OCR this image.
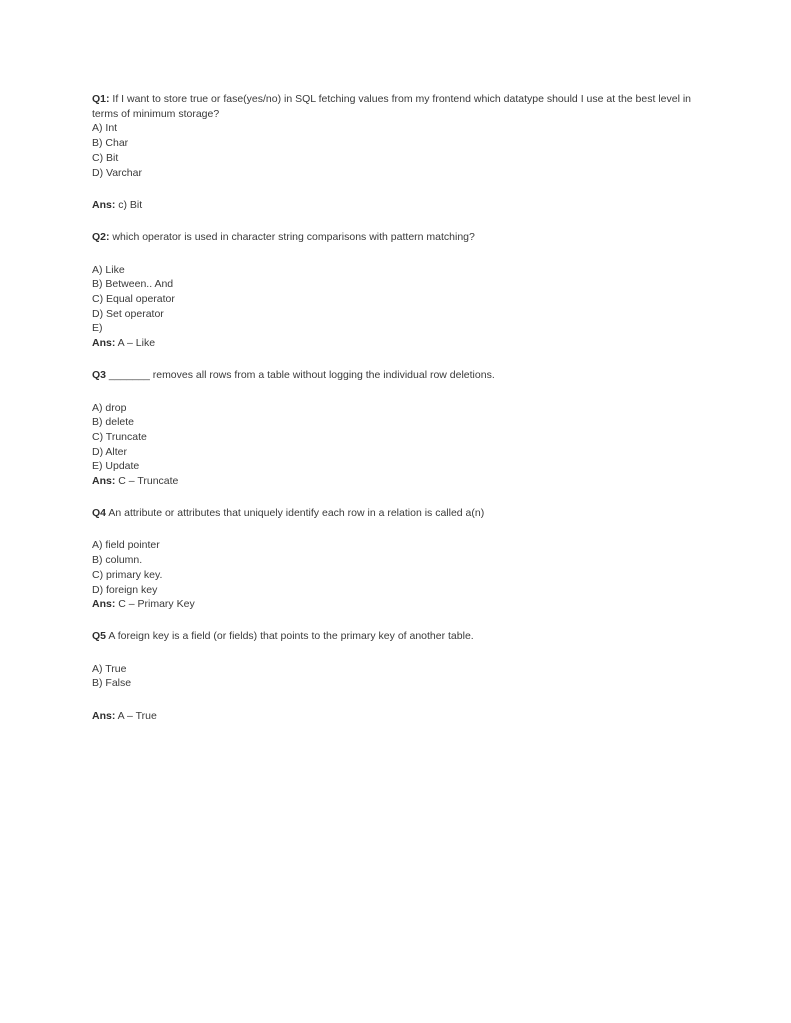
Q1: If I want to store true or fase(yes/no) in SQL fetching values from my frontend which datatype should I use at the best level in terms of minimum storage?
A) Int
B) Char
C) Bit
D) Varchar
Ans: c) Bit
Q2: which operator is used in character string comparisons with pattern matching?
A) Like
B) Between.. And
C) Equal operator
D) Set operator
E)
Ans: A – Like
Q3 _______ removes all rows from a table without logging the individual row deletions.
A) drop
B) delete
C) Truncate
D) Alter
E) Update
Ans: C – Truncate
Q4 An attribute or attributes that uniquely identify each row in a relation is called a(n)
A) field pointer
B) column.
C) primary key.
D) foreign key
Ans: C – Primary Key
Q5 A foreign key is a field (or fields) that points to the primary key of another table.
A) True
B) False
Ans: A – True
